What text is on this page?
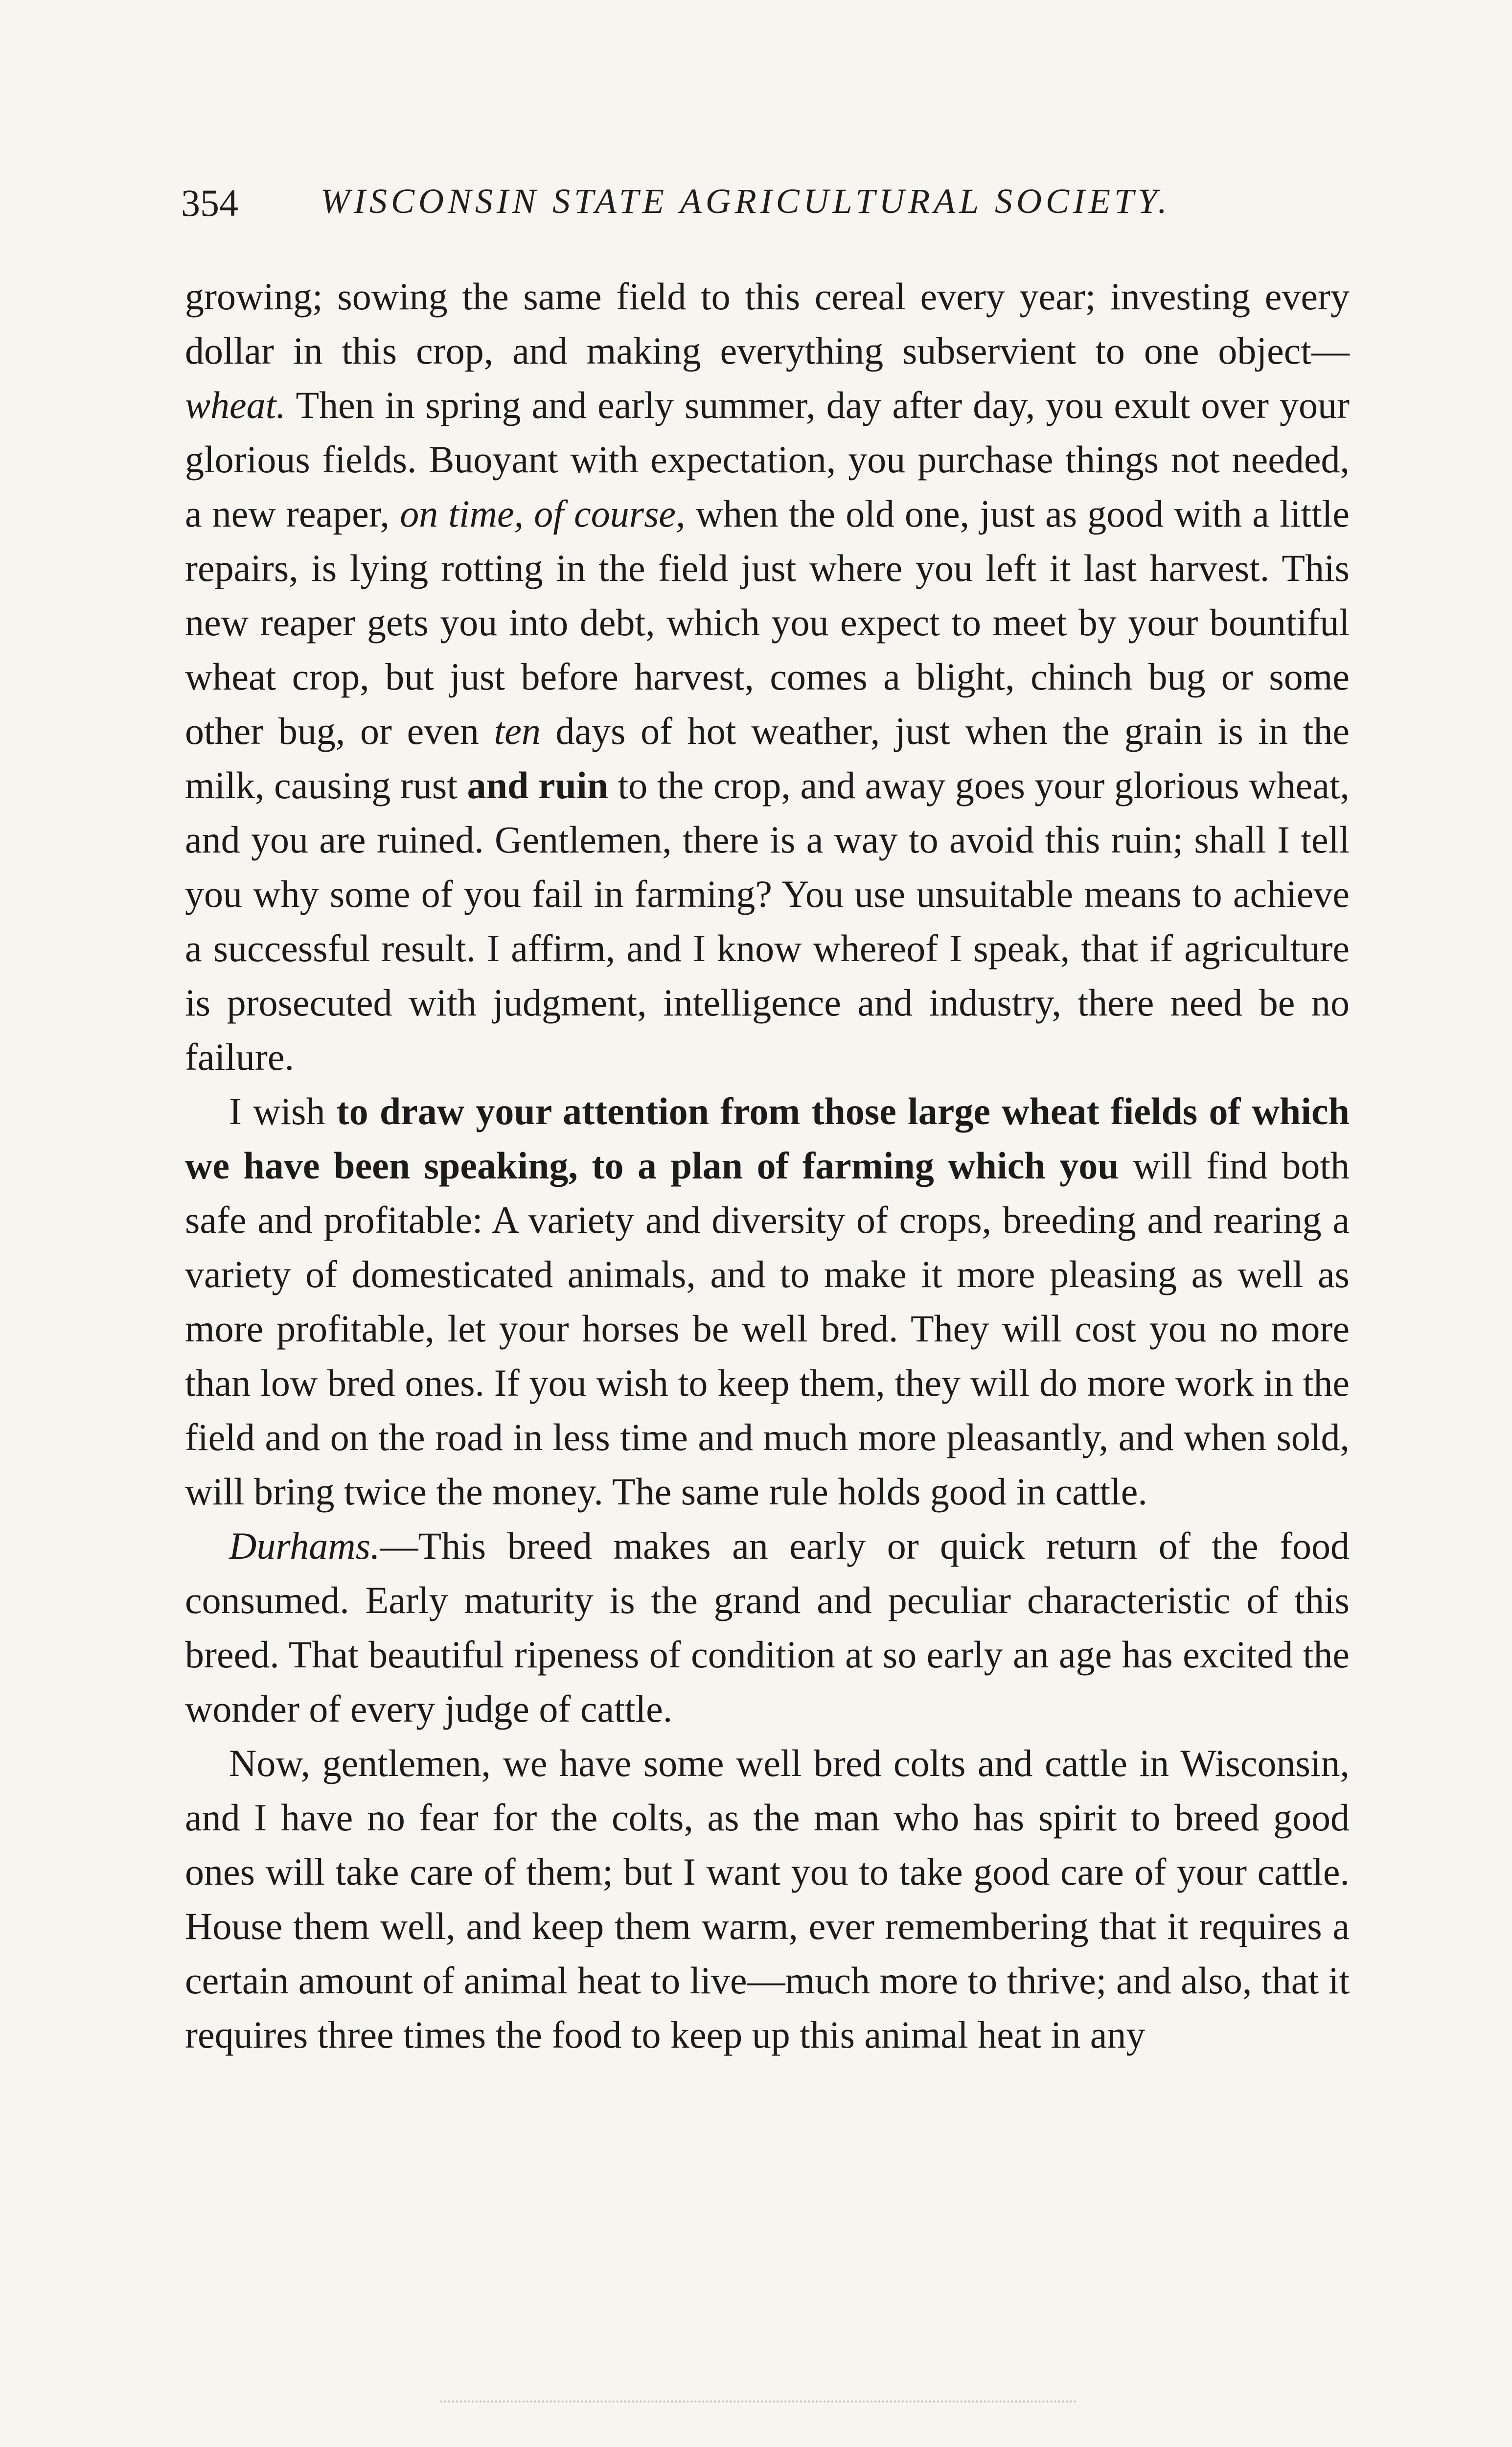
354 WISCONSIN STATE AGRICULTURAL SOCIETY.

growing; sowing the same field to this cereal every year; investing every dollar in this crop, and making everything subservient to one object—wheat. Then in spring and early summer, day after day, you exult over your glorious fields. Buoyant with expectation, you purchase things not needed, a new reaper, on time, of course, when the old one, just as good with a little repairs, is lying rotting in the field just where you left it last harvest. This new reaper gets you into debt, which you expect to meet by your bountiful wheat crop, but just before harvest, comes a blight, chinch bug or some other bug, or even ten days of hot weather, just when the grain is in the milk, causing rust and ruin to the crop, and away goes your glorious wheat, and you are ruined. Gentlemen, there is a way to avoid this ruin; shall I tell you why some of you fail in farming? You use unsuitable means to achieve a successful result. I affirm, and I know whereof I speak, that if agriculture is prosecuted with judgment, intelligence and industry, there need be no failure.

I wish to draw your attention from those large wheat fields of which we have been speaking, to a plan of farming which you will find both safe and profitable: A variety and diversity of crops, breeding and rearing a variety of domesticated animals, and to make it more pleasing as well as more profitable, let your horses be well bred. They will cost you no more than low bred ones. If you wish to keep them, they will do more work in the field and on the road in less time and much more pleasantly, and when sold, will bring twice the money. The same rule holds good in cattle.

Durhams.—This breed makes an early or quick return of the food consumed. Early maturity is the grand and peculiar characteristic of this breed. That beautiful ripeness of condition at so early an age has excited the wonder of every judge of cattle.

Now, gentlemen, we have some well bred colts and cattle in Wisconsin, and I have no fear for the colts, as the man who has spirit to breed good ones will take care of them; but I want you to take good care of your cattle. House them well, and keep them warm, ever remembering that it requires a certain amount of animal heat to live—much more to thrive; and also, that it requires three times the food to keep up this animal heat in any
